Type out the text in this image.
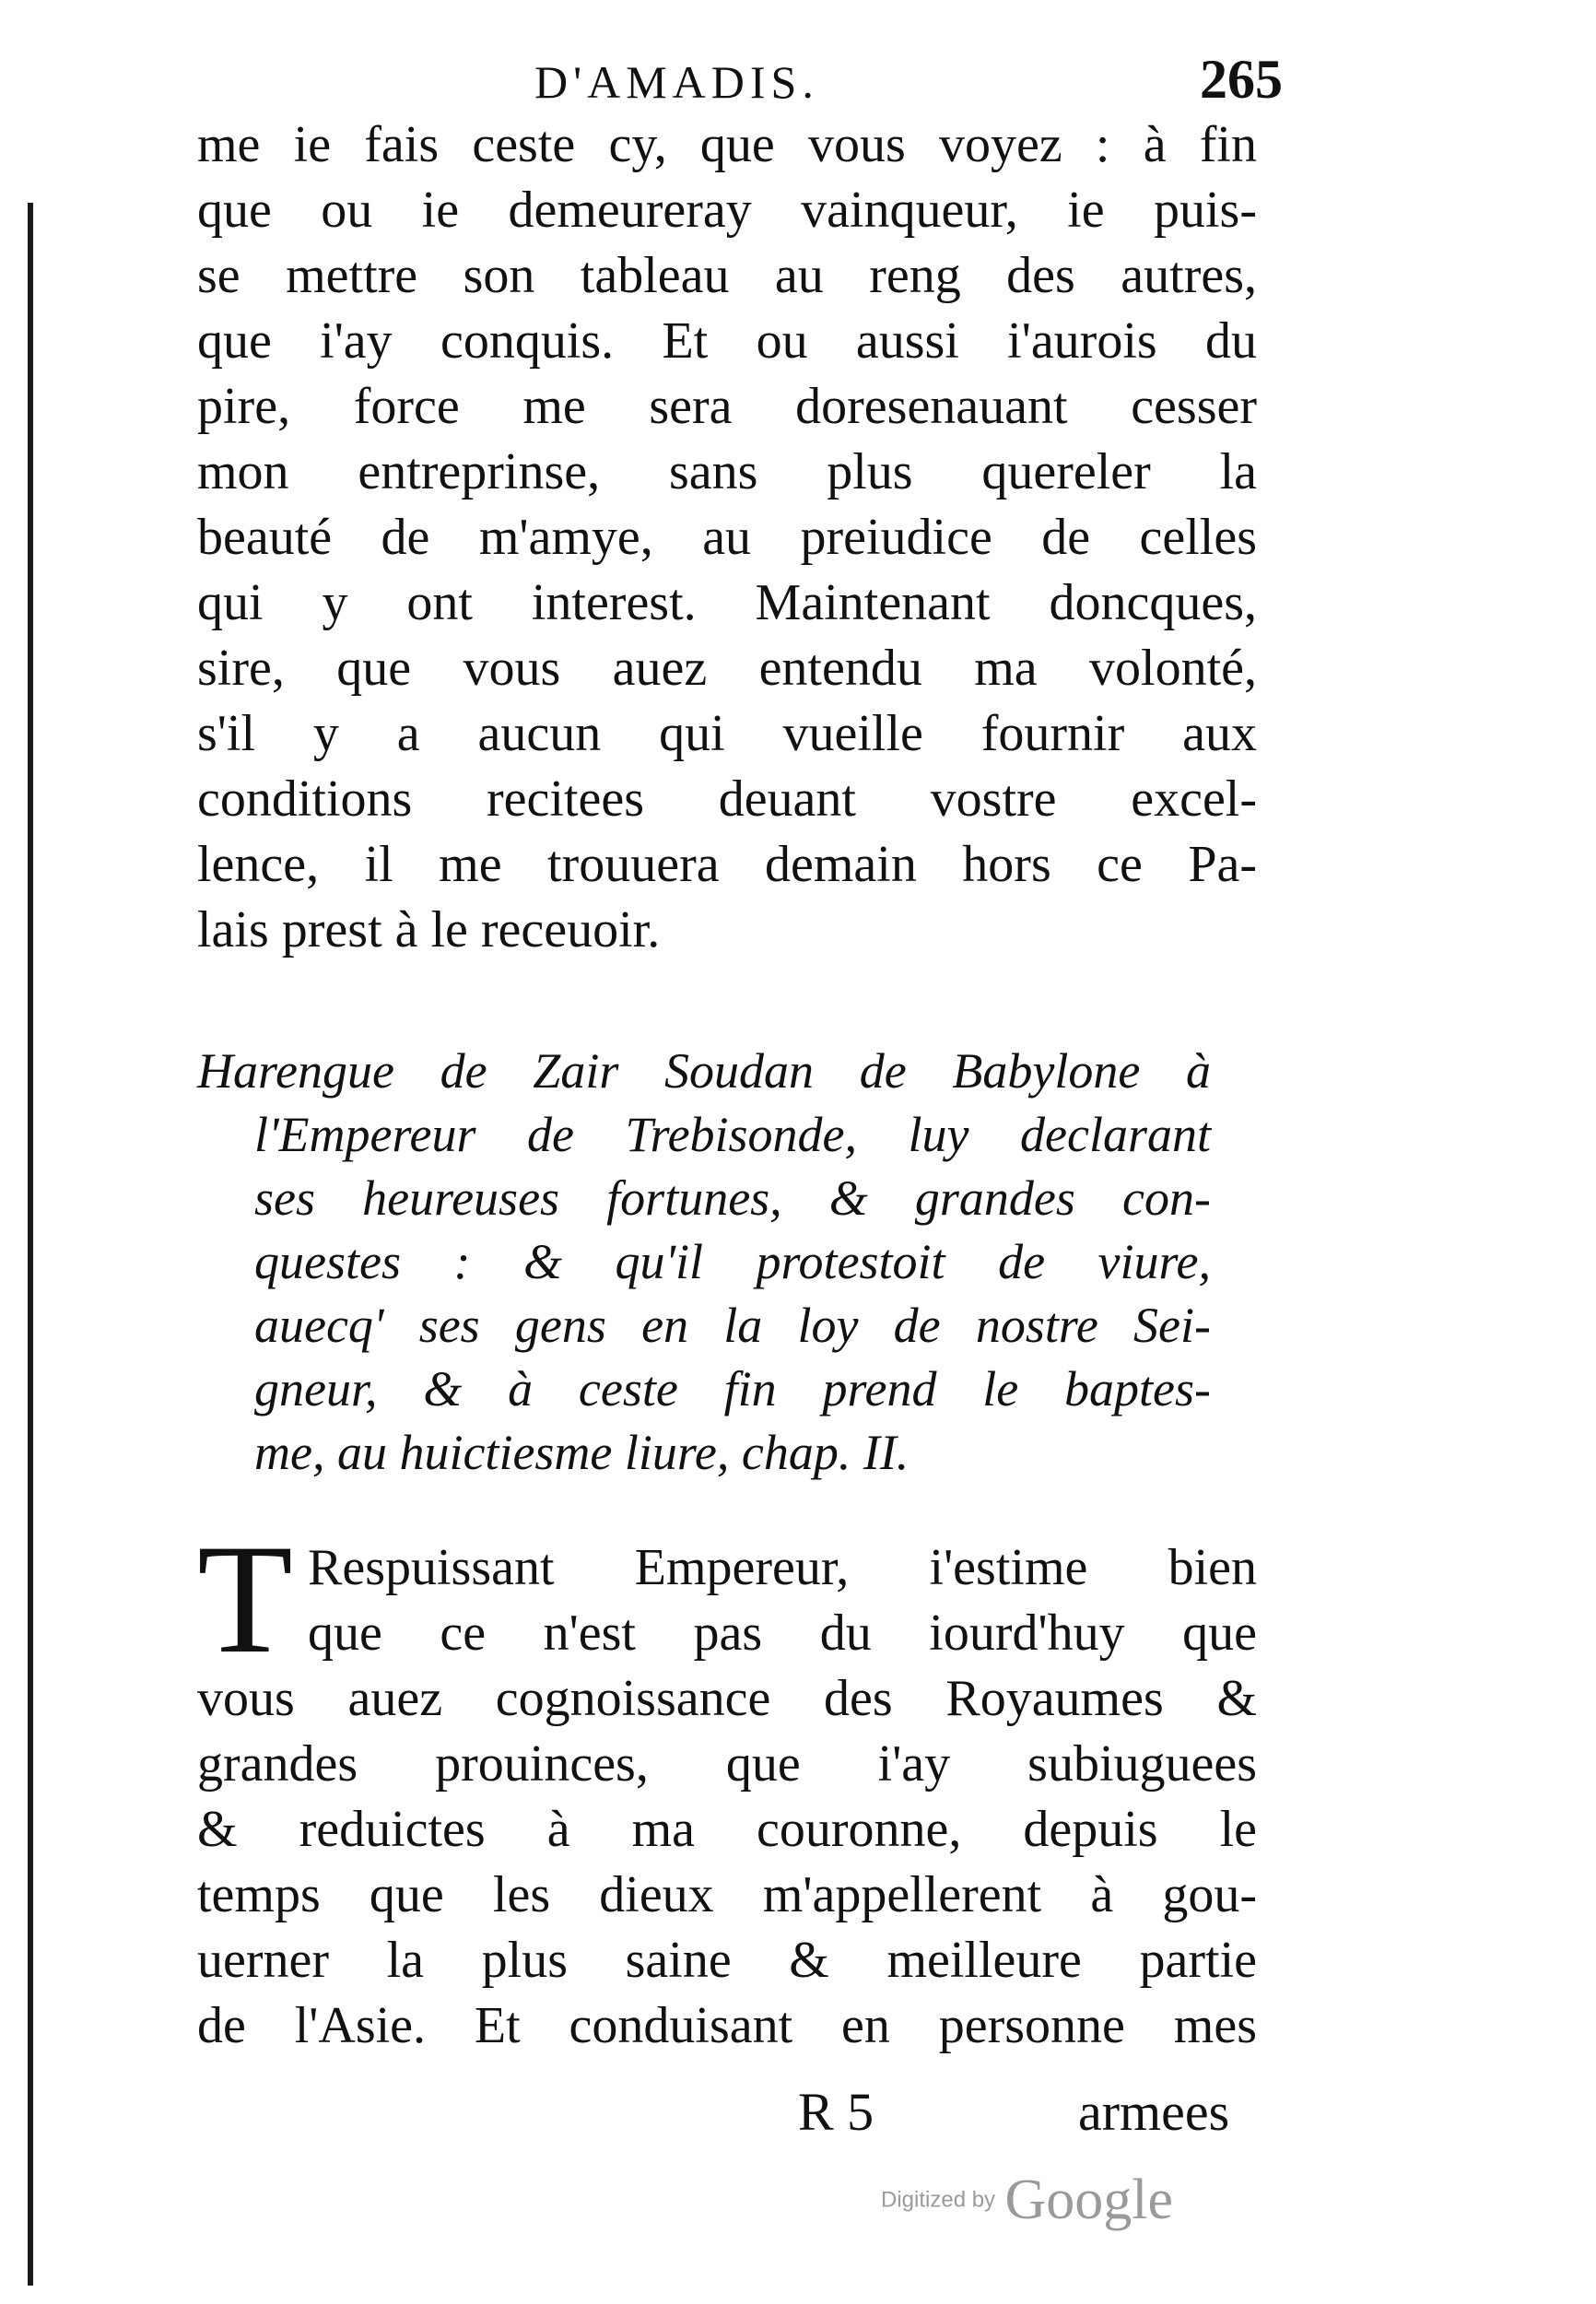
D'AMADIS.	265
me ie fais ceste cy, que vous voyez : à fin
que ou ie demeureray vainqueur, ie puis-
se mettre son tableau au reng des autres,
que i'ay conquis. Et ou aussi i'aurois du
pire, force me sera doresenauant cesser
mon entreprinse, sans plus quereler la
beauté de m'amye, au preiudice de celles
qui y ont interest. Maintenant doncques,
sire, que vous auez entendu ma volonté,
s'il y a aucun qui vueille fournir aux
conditions recitees deuant vostre excel-
lence, il me trouuera demain hors ce Pa-
lais prest à le receuoir.
Harengue de Zair Soudan de Babylone à
l'Empereur de Trebisonde, luy declarant
ses heureuses fortunes, & grandes con-
questes : & qu'il protestoit de viure,
auecq' ses gens en la loy de nostre Sei-
gneur, & à ceste fin prend le baptes-
me, au huictiesme liure, chap. II.
T Respuissant Empereur, i'estime bien
que ce n'est pas du iourd'huy que
vous auez cognoissance des Royaumes &
grandes prouinces, que i'ay subiuguees
& reduictes à ma couronne, depuis le
temps que les dieux m'appellerent à gou-
uerner la plus saine & meilleure partie
de l'Asie. Et conduisant en personne mes
R 5	armees
Digitized by Google
